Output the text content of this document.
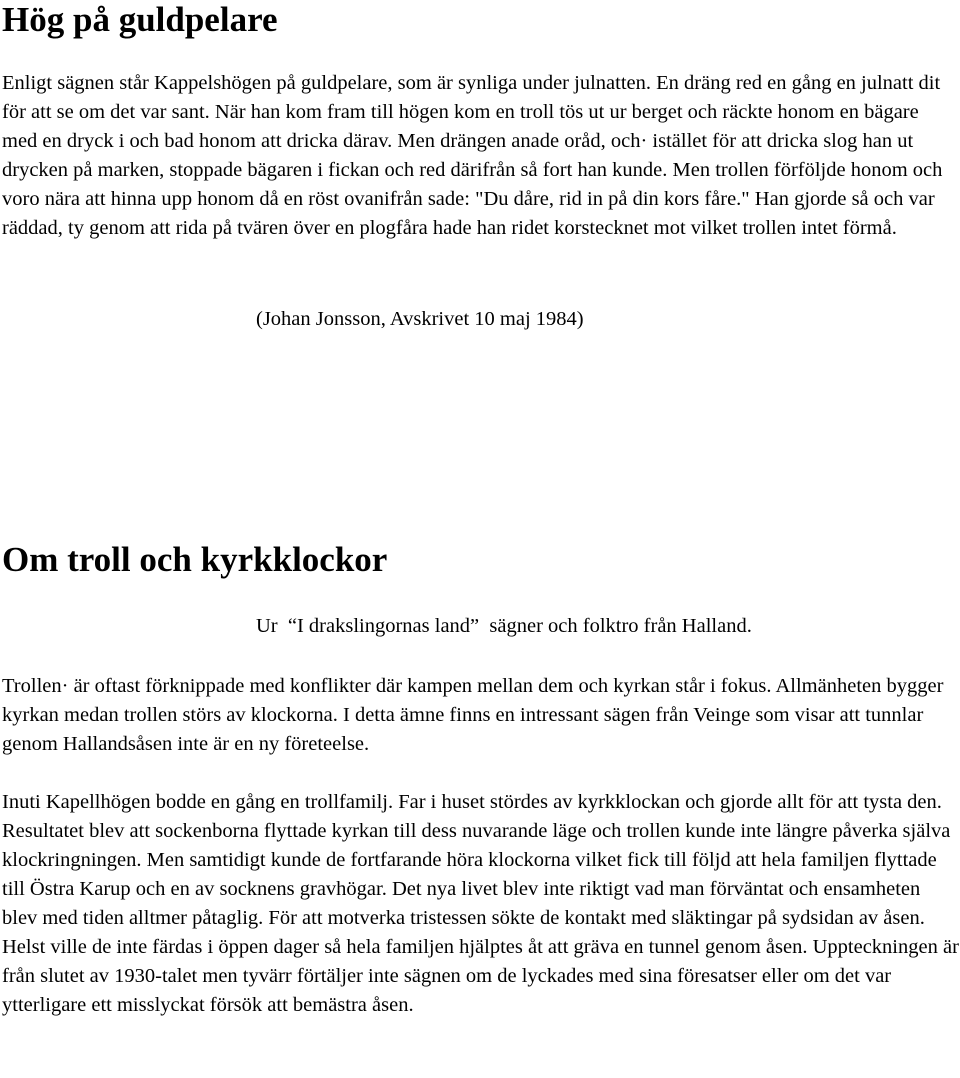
Hög på guldpelare

Enligt sägnen står Kappelshögen på guldpelare, som är synliga under julnatten. En dräng red en gång en julnatt dit för att se om det var sant. När han kom fram till högen kom en troll tös ut ur berget och räckte honom en bägare med en dryck i och bad honom att dricka därav. Men drängen anade oråd, och· istället för att dricka slog han ut drycken på marken, stoppade bägaren i fickan och red därifrån så fort han kunde. Men trollen förföljde honom och voro nära att hinna upp honom då en röst ovanifrån sade: "Du dåre, rid in på din kors fåre." Han gjorde så och var räddad, ty genom att rida på tvären över en plogfåra hade han ridet korstecknet mot vilket trollen intet förmå.

(Johan Jonsson, Avskrivet 10 maj 1984)
Om troll och kyrkklockor
Ur  “I drakslingornas land”  sägner och folktro från Halland.

Trollen· är oftast förknippade med konflikter där kampen mellan dem och kyrkan står i fokus. Allmänheten bygger kyrkan medan trollen störs av klockorna. I detta ämne finns en intressant sägen från Veinge som visar att tunnlar genom Hallandsåsen inte är en ny företeelse.

Inuti Kapellhögen bodde en gång en trollfamilj. Far i huset stördes av kyrkklockan och gjorde allt för att tysta den. Resultatet blev att sockenborna flyttade kyrkan till dess nuvarande läge och trollen kunde inte längre påverka själva klockringningen. Men samtidigt kunde de fortfarande höra klockorna vilket fick till följd att hela familjen flyttade till Östra Karup och en av socknens gravhögar. Det nya livet blev inte riktigt vad man förväntat och ensamheten blev med tiden alltmer påtaglig. För att motverka tristessen sökte de kontakt med släktingar på sydsidan av åsen. Helst ville de inte färdas i öppen dager så hela familjen hjälptes åt att gräva en tunnel genom åsen. Uppteckningen är från slutet av 1930-talet men tyvärr förtäljer inte sägnen om de lyckades med sina föresatser eller om det var ytterligare ett misslyckat försök att bemästra åsen.
